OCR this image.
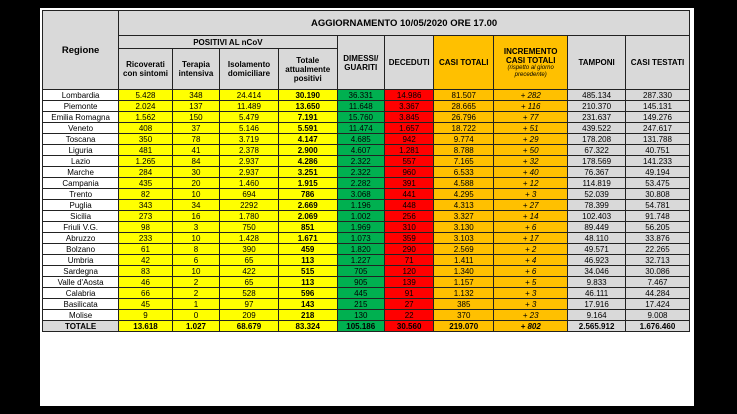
Regione	AGGIORNAMENTO 10/05/2020 ORE 17.00									
	POSITIVI AL nCoV				DIMESSI/ GUARITI	DECEDUTI	CASI TOTALI	INCREMENTO CASI TOTALI
(rispetto al giorno precedente)	TAMPONI	CASI TESTATI
	Ricoverati con sintomi	Terapia intensiva	Isolamento domiciliare	Totale attualmente positivi						
Lombardia	5.428	348	24.414	30.190	36.331	14.986	81.507	+ 282	485.134	287.330
Piemonte	2.024	137	11.489	13.650	11.648	3.367	28.665	+ 116	210.370	145.131
Emilia Romagna	1.562	150	5.479	7.191	15.760	3.845	26.796	+ 77	231.637	149.276
Veneto	408	37	5.146	5.591	11.474	1.657	18.722	+ 51	439.522	247.617
Toscana	350	78	3.719	4.147	4.685	942	9.774	+ 29	178.208	131.788
Liguria	481	41	2.378	2.900	4.607	1.281	8.788	+ 50	67.322	40.751
Lazio	1.265	84	2.937	4.286	2.322	557	7.165	+ 32	178.569	141.233
Marche	284	30	2.937	3.251	2.322	960	6.533	+ 40	76.367	49.194
Campania	435	20	1.460	1.915	2.282	391	4.588	+ 12	114.819	53.475
Trento	82	10	694	786	3.068	441	4.295	+ 3	52.039	30.808
Puglia	343	34	2292	2.669	1.196	448	4.313	+ 27	78.399	54.781
Sicilia	273	16	1.780	2.069	1.002	256	3.327	+ 14	102.403	91.748
Friuli V.G.	98	3	750	851	1.969	310	3.130	+ 6	89.449	56.205
Abruzzo	233	10	1.428	1.671	1.073	359	3.103	+ 17	48.110	33.876
Bolzano	61	8	390	459	1.820	290	2.569	+ 2	49.571	22.265
Umbria	42	6	65	113	1.227	71	1.411	+ 4	46.923	32.713
Sardegna	83	10	422	515	705	120	1.340	+ 6	34.046	30.086
Valle d'Aosta	46	2	65	113	905	139	1.157	+ 5	9.833	7.467
Calabria	66	2	528	596	445	91	1.132	+ 3	46.111	44.284
Basilicata	45	1	97	143	215	27	385	+ 3	17.916	17.424
Molise	9	0	209	218	130	22	370	+ 23	9.164	9.008
TOTALE	13.618	1.027	68.679	83.324	105.186	30.560	219.070	+ 802	2.565.912	1.676.460
